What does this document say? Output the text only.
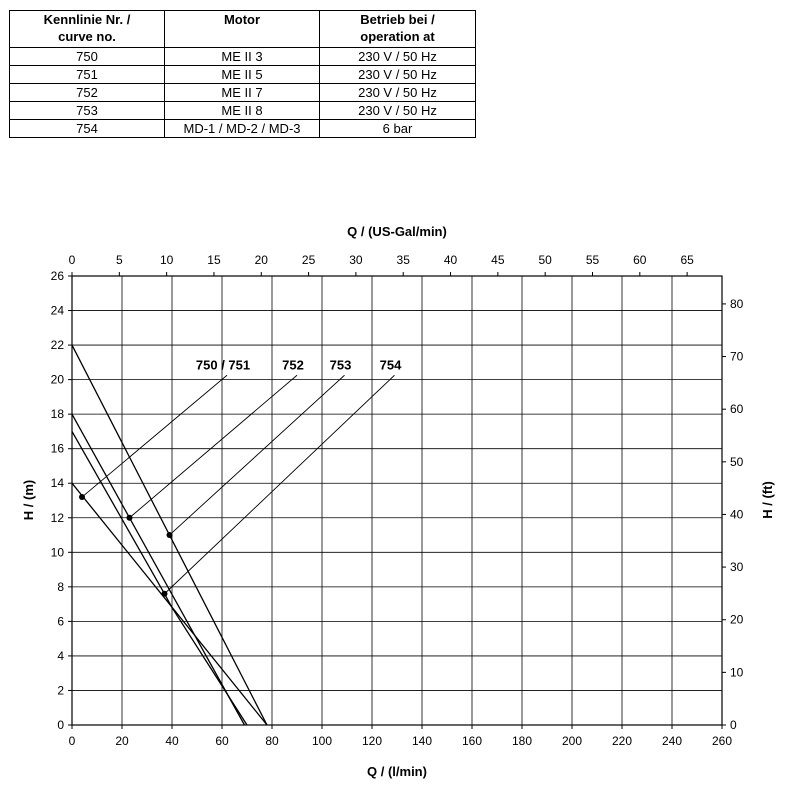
Kennlinie Nr. /
curve no.	Motor	Betrieb bei /
operation at
750	ME II 3	230 V / 50 Hz
751	ME II 5	230 V / 50 Hz
752	ME II 7	230 V / 50 Hz
753	ME II 8	230 V / 50 Hz
754	MD-1 / MD-2 / MD-3	6 bar
0	20	40	60	80	100 120 140 160 180 200 220 240 260
0
2
4
6
8
10
12
14
16
18
20
22
24
26
0	5	10	15	20	25	30	35	40	45	50	55	60	65
0
10
20
30
40
50
60
70
80
750 / 751 752 753 754
Q / (US-Gal/min)
Q / (l/min)
H / (m)	H / (ft)
